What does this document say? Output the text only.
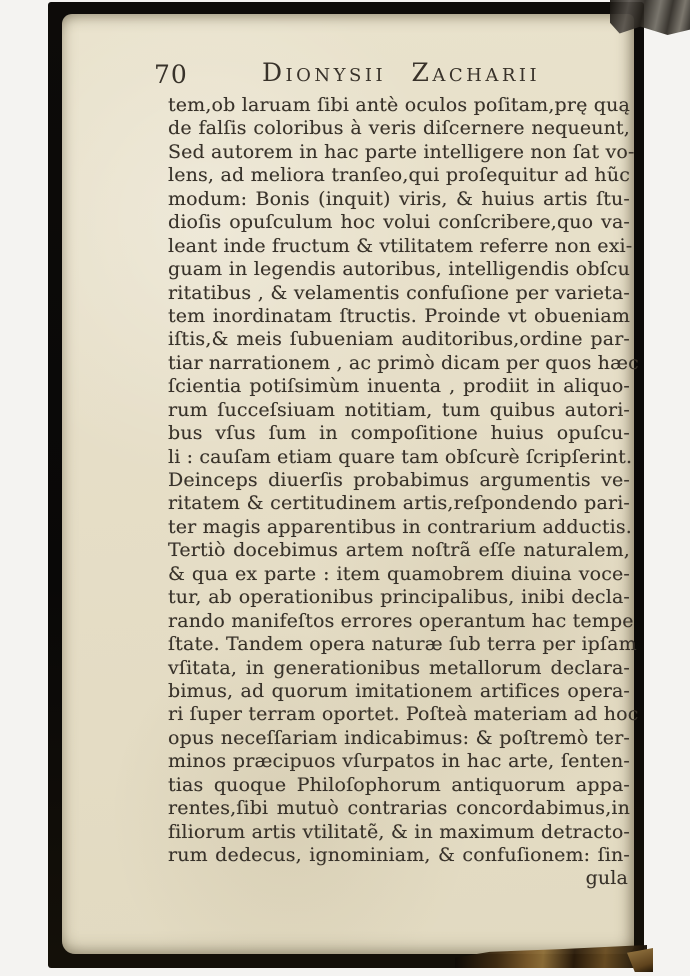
70	Dionysii Zacharii
tem,ob laruam ſibi antè oculos poſitam,prę quą
de falſis coloribus à veris diſcernere nequeunt,
Sed autorem in hac parte intelligere non ſat vo-
lens, ad meliora tranſeo,qui proſequitur ad hũc
modum: Bonis (inquit) viris, & huius artis ſtu-
dioſis opuſculum hoc volui conſcribere,quo va-
leant inde fructum & vtilitatem referre non exi-
guam in legendis autoribus, intelligendis obſcu
ritatibus , & velamentis confuſione per varieta-
tem inordinatam ſtructis. Proinde vt obueniam
iſtis,& meis ſubueniam auditoribus,ordine par-
tiar narrationem , ac primò dicam per quos hæc
ſcientia potiſsimùm inuenta , prodiit in aliquo-
rum ſucceſsiuam notitiam, tum quibus autori-
bus vſus ſum in compoſitione huius opuſcu-
li : cauſam etiam quare tam obſcurè ſcripſerint.
Deinceps diuerſis probabimus argumentis ve-
ritatem & certitudinem artis,reſpondendo pari-
ter magis apparentibus in contrarium adductis.
Tertiò docebimus artem noſtrã eſſe naturalem,
& qua ex parte : item quamobrem diuina voce-
tur, ab operationibus principalibus, inibi decla-
rando manifeſtos errores operantum hac tempe
ſtate. Tandem opera naturæ ſub terra per ipſam
vſitata, in generationibus metallorum declara-
bimus, ad quorum imitationem artifices opera-
ri ſuper terram oportet. Poſteà materiam ad hoc
opus neceſſariam indicabimus: & poſtremò ter-
minos præcipuos vſurpatos in hac arte, ſenten-
tias quoque Philoſophorum antiquorum appa-
rentes,ſibi mutuò contrarias concordabimus,in
filiorum artis vtilitatẽ, & in maximum detracto-
rum dedecus, ignominiam, & confuſionem: ſin-
gula
